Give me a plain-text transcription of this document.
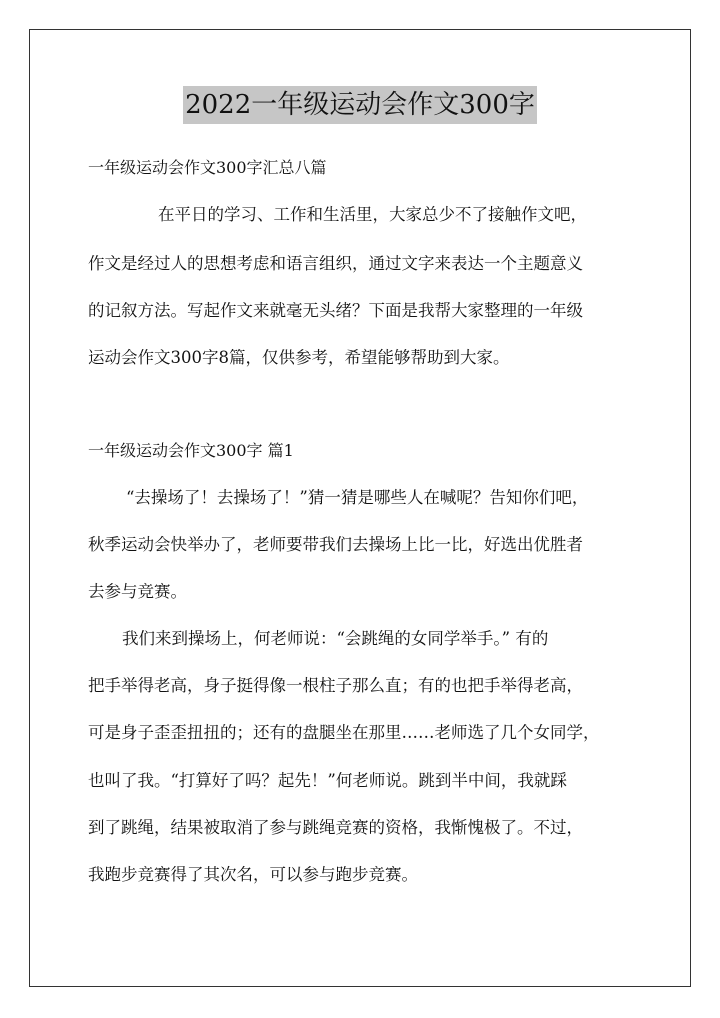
2022一年级运动会作文300字
一年级运动会作文300字汇总八篇
在平日的学习、工作和生活里，大家总少不了接触作文吧，
作文是经过人的思想考虑和语言组织，通过文字来表达一个主题意义
的记叙方法。写起作文来就毫无头绪？下面是我帮大家整理的一年级
运动会作文300字8篇，仅供参考，希望能够帮助到大家。
一年级运动会作文300字 篇1
“去操场了！去操场了！”猜一猜是哪些人在喊呢？告知你们吧，
秋季运动会快举办了，老师要带我们去操场上比一比，好选出优胜者
去参与竞赛。
我们来到操场上，何老师说：“会跳绳的女同学举手。” 有的
把手举得老高，身子挺得像一根柱子那么直；有的也把手举得老高，
可是身子歪歪扭扭的；还有的盘腿坐在那里……老师选了几个女同学，
也叫了我。“打算好了吗？起先！”何老师说。跳到半中间，我就踩
到了跳绳，结果被取消了参与跳绳竞赛的资格，我惭愧极了。不过，
我跑步竞赛得了其次名，可以参与跑步竞赛。
